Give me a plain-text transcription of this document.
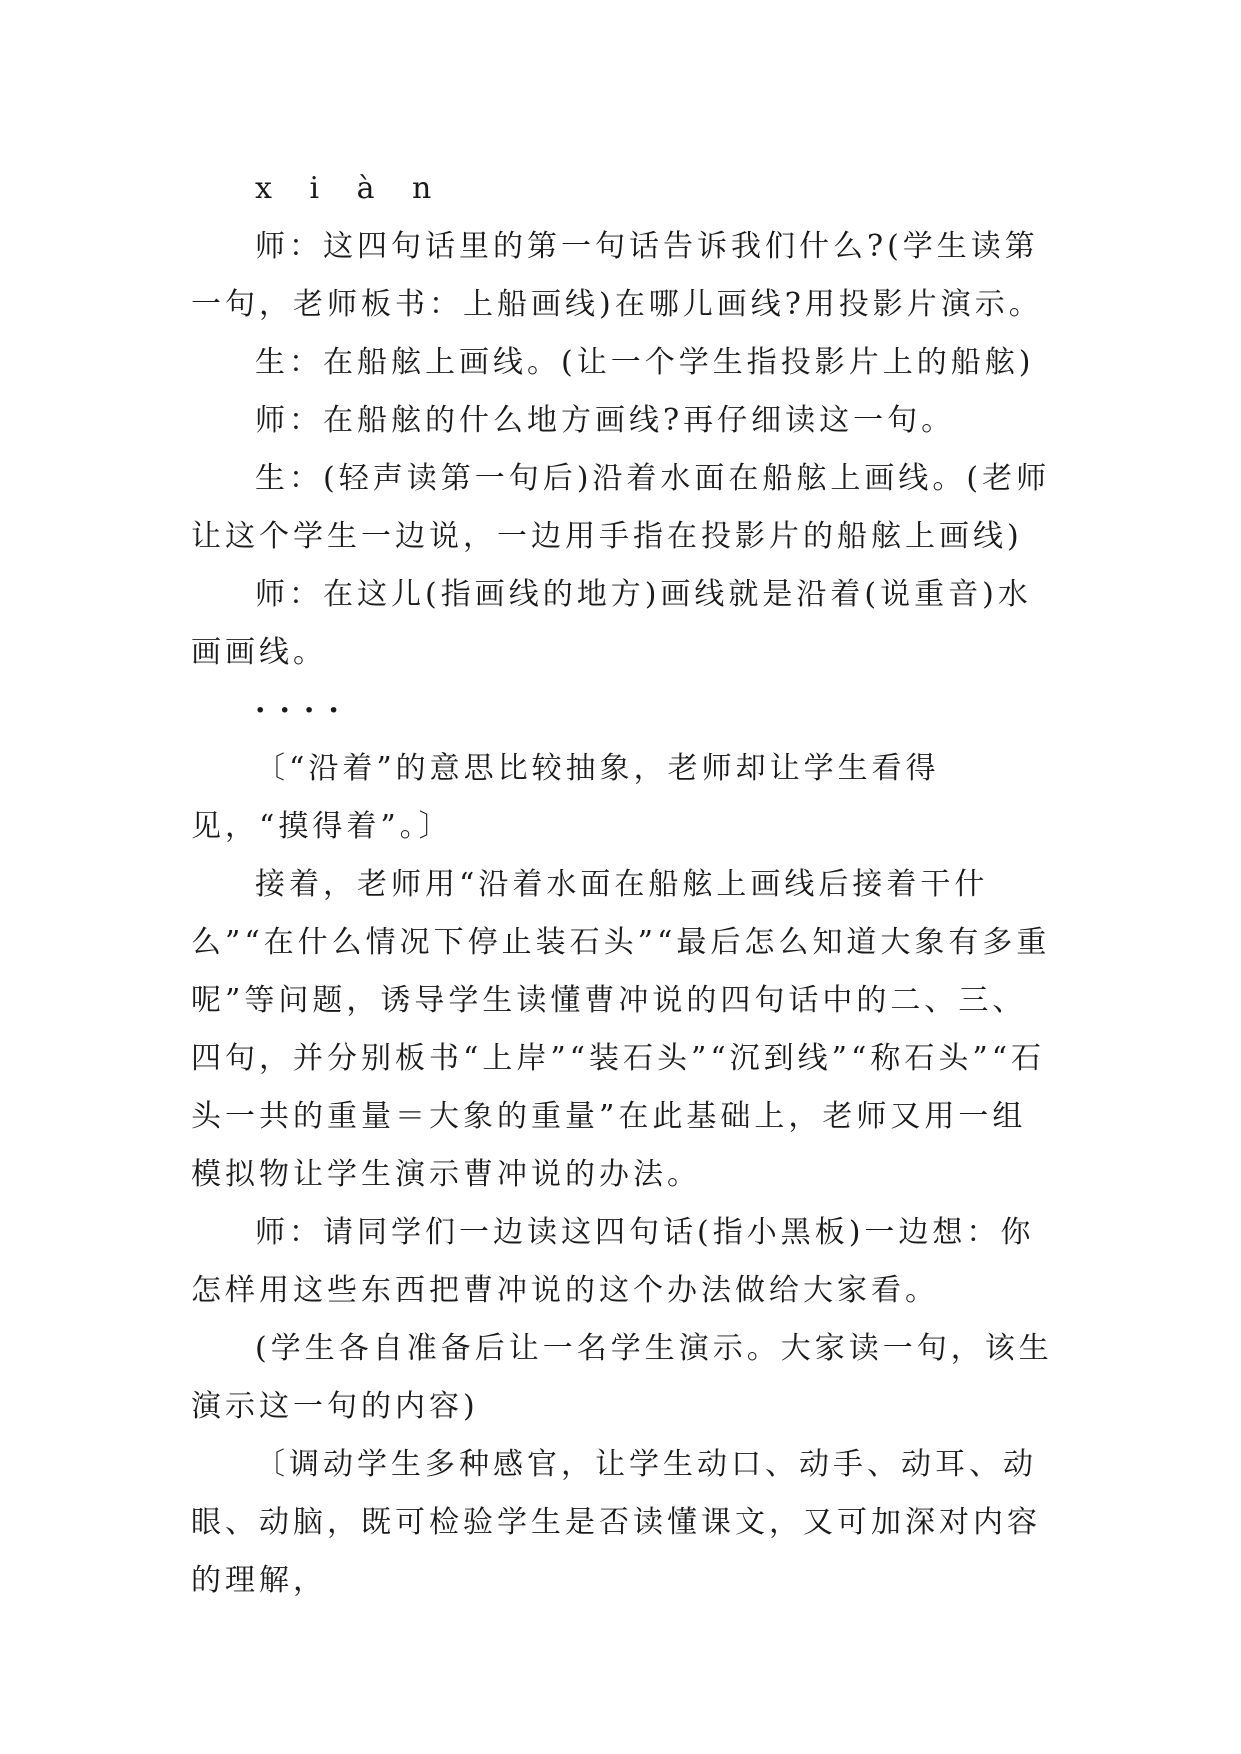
x i à n

师：这四句话里的第一句话告诉我们什么?(学生读第一句，老师板书：上船画线)在哪儿画线?用投影片演示。

生：在船舷上画线。(让一个学生指投影片上的船舷)

师：在船舷的什么地方画线?再仔细读这一句。

生：(轻声读第一句后)沿着水面在船舷上画线。(老师让这个学生一边说，一边用手指在投影片的船舷上画线)

师：在这儿(指画线的地方)画线就是沿着(说重音)水画画线。

····

〔“沿着”的意思比较抽象，老师却让学生看得见，“摸得着”。〕

接着，老师用“沿着水面在船舷上画线后接着干什么”“在什么情况下停止装石头”“最后怎么知道大象有多重呢”等问题，诱导学生读懂曹冲说的四句话中的二、三、四句，并分别板书“上岸”“装石头”“沉到线”“称石头”“石头一共的重量＝大象的重量”在此基础上，老师又用一组模拟物让学生演示曹冲说的办法。

师：请同学们一边读这四句话(指小黑板)一边想：你怎样用这些东西把曹冲说的这个办法做给大家看。

(学生各自准备后让一名学生演示。大家读一句，该生演示这一句的内容)

〔调动学生多种感官，让学生动口、动手、动耳、动眼、动脑，既可检验学生是否读懂课文，又可加深对内容的理解，
